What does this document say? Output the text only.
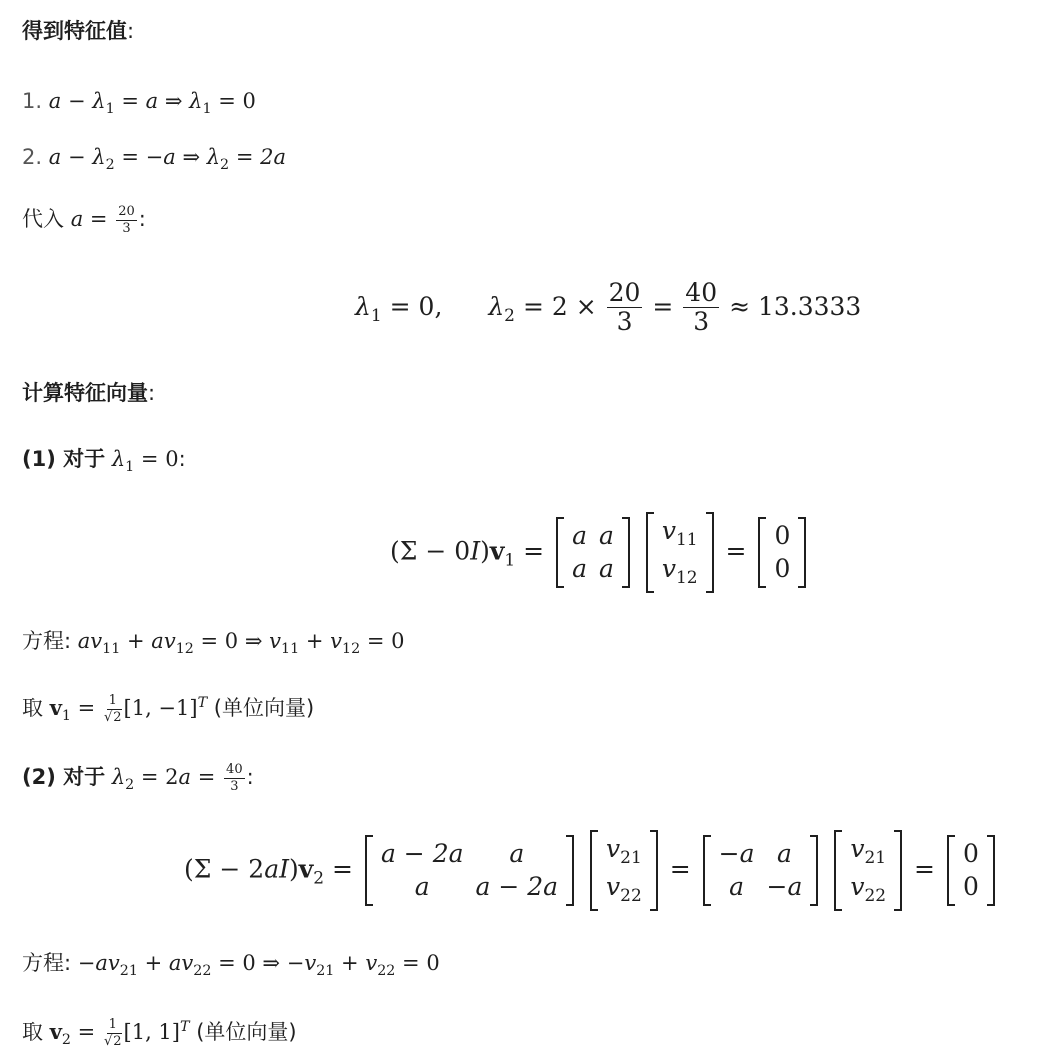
得到特征值:
1. $a - \lambda_1 = a$ ⇒ $\lambda_1 = 0$
2. $a - \lambda_2 = -a$ ⇒ $\lambda_2 = 2a$
代入 $a = \frac{20}{3}$ :
$\lambda_1 = 0$, $\lambda_2 = 2 \times \frac{20}{3} = \frac{40}{3} \approx 13.3333$
计算特征向量:
(1) 对于 $\lambda_1 = 0$:
$(\Sigma - 0I)v_1$ =
a	a
a	a

$v_{11}$
$v_{12}$
=
0
0
方程: $av_{11} + av_{12} = 0$ ⇒ $v_{11} + v_{12} = 0$
取 $v_1 = \frac{1}{√2} [1$, −1]$^T$ (单位向量)
(2) 对于 $\lambda_2 = 2a = \frac{40}{3}$ :
$(\Sigma - 2aI)v_2$ =
a − 2a	a
a	a − 2a

$v_{21}$
$v_{22}$
=
−a	a
a	−a

$v_{21}$
$v_{22}$
=
0
0
方程: $-av_{21} + av_{22} = 0$ ⇒ $-v_{21} + v_{22} = 0$
取 $v_2 = \frac{1}{√2} [1$, 1]$^T$ (单位向量)
